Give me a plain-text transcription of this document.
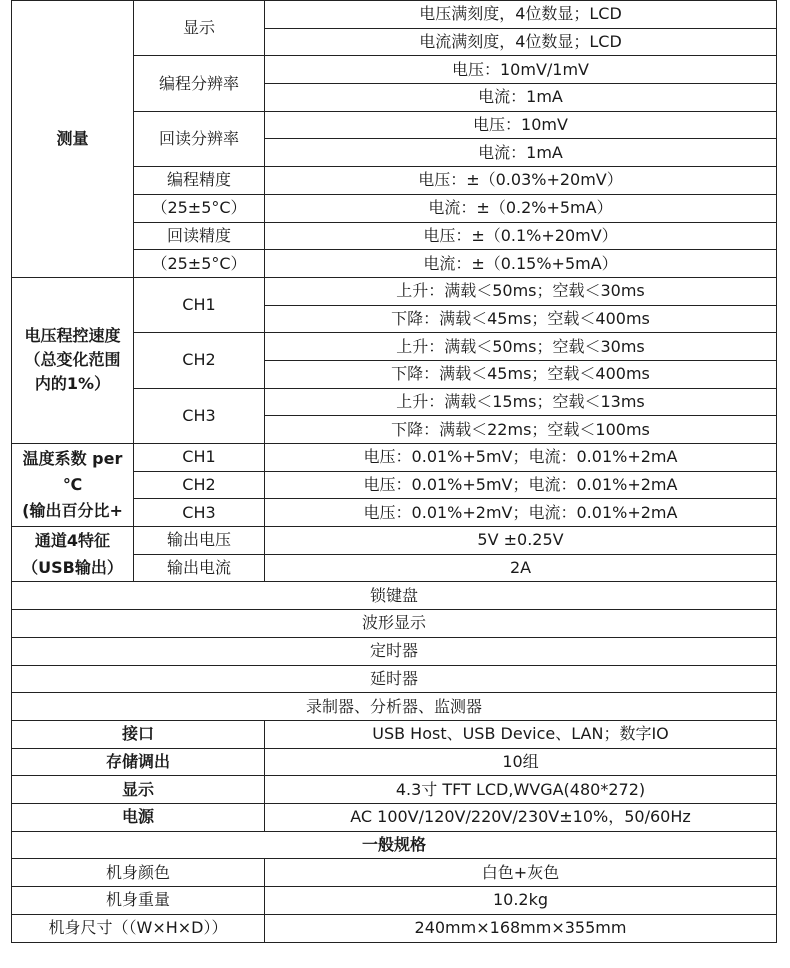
测量	显示	电压满刻度，4位数显；LCD
		电流满刻度，4位数显；LCD
	编程分辨率	电压：10mV/1mV
		电流：1mA
	回读分辨率	电压：10mV
		电流：1mA
	编程精度	电压：±（0.03%+20mV）
	（25±5°C）	电流：±（0.2%+5mA）
	回读精度	电压：±（0.1%+20mV）
	（25±5°C）	电流：±（0.15%+5mA）

电压程控速度
（总变化范围
内的1%）	CH1	上升：满载＜50ms；空载＜30ms
		下降：满载＜45ms；空载＜400ms
	CH2	上升：满载＜50ms；空载＜30ms
		下降：满载＜45ms；空载＜400ms
	CH3	上升：满载＜15ms；空载＜13ms
		下降：满载＜22ms；空载＜100ms

温度系数 per
℃
(输出百分比+	CH1	电压：0.01%+5mV；电流：0.01%+2mA
	CH2	电压：0.01%+5mV；电流：0.01%+2mA
	CH3	电压：0.01%+2mV；电流：0.01%+2mA

通道4特征
（USB输出）	输出电压	5V ±0.25V
	输出电流	2A
锁键盘		
波形显示		
定时器		
延时器		
录制器、分析器、监测器		
接口		USB Host、USB Device、LAN；数字IO
存储调出		10组
显示		4.3寸 TFT LCD,WVGA(480*272)
电源		AC 100V/120V/220V/230V±10%，50/60Hz
一般规格		
机身颜色		白色+灰色
机身重量		10.2kg
机身尺寸（（W×H×D））		240mm×168mm×355mm
